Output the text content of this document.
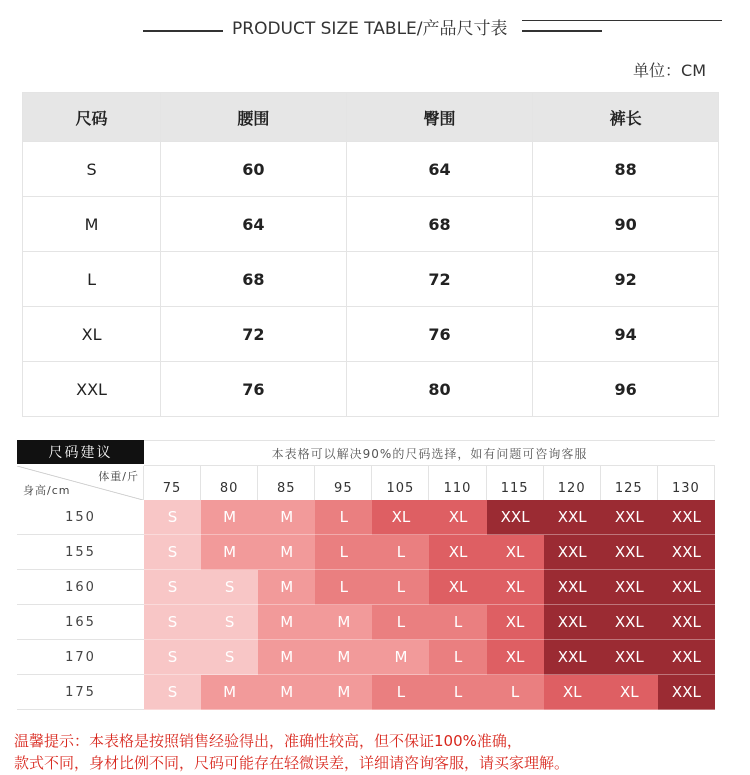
PRODUCT SIZE TABLE/产品尺寸表
单位：CM
尺码	腰围	臀围	裤长
S	60	64	88
M	64	68	90
L	68	72	92
XL	72	76	94
XXL	76	80	96
尺码建议	本表格可以解决90%的尺码选择，如有问题可咨询客服
体重/斤
身高/cm	75	80	85	95	105	110	115	120	125	130
150	S	M	M	L	XL	XL	XXL	XXL	XXL	XXL
155	S	M	M	L	L	XL	XL	XXL	XXL	XXL
160	S	S	M	L	L	XL	XL	XXL	XXL	XXL
165	S	S	M	M	L	L	XL	XXL	XXL	XXL
170	S	S	M	M	M	L	XL	XXL	XXL	XXL
175	S	M	M	M	L	L	L	XL	XL	XXL
温馨提示：本表格是按照销售经验得出，准确性较高，但不保证100%准确，
款式不同，身材比例不同，尺码可能存在轻微误差，详细请咨询客服，请买家理解。
